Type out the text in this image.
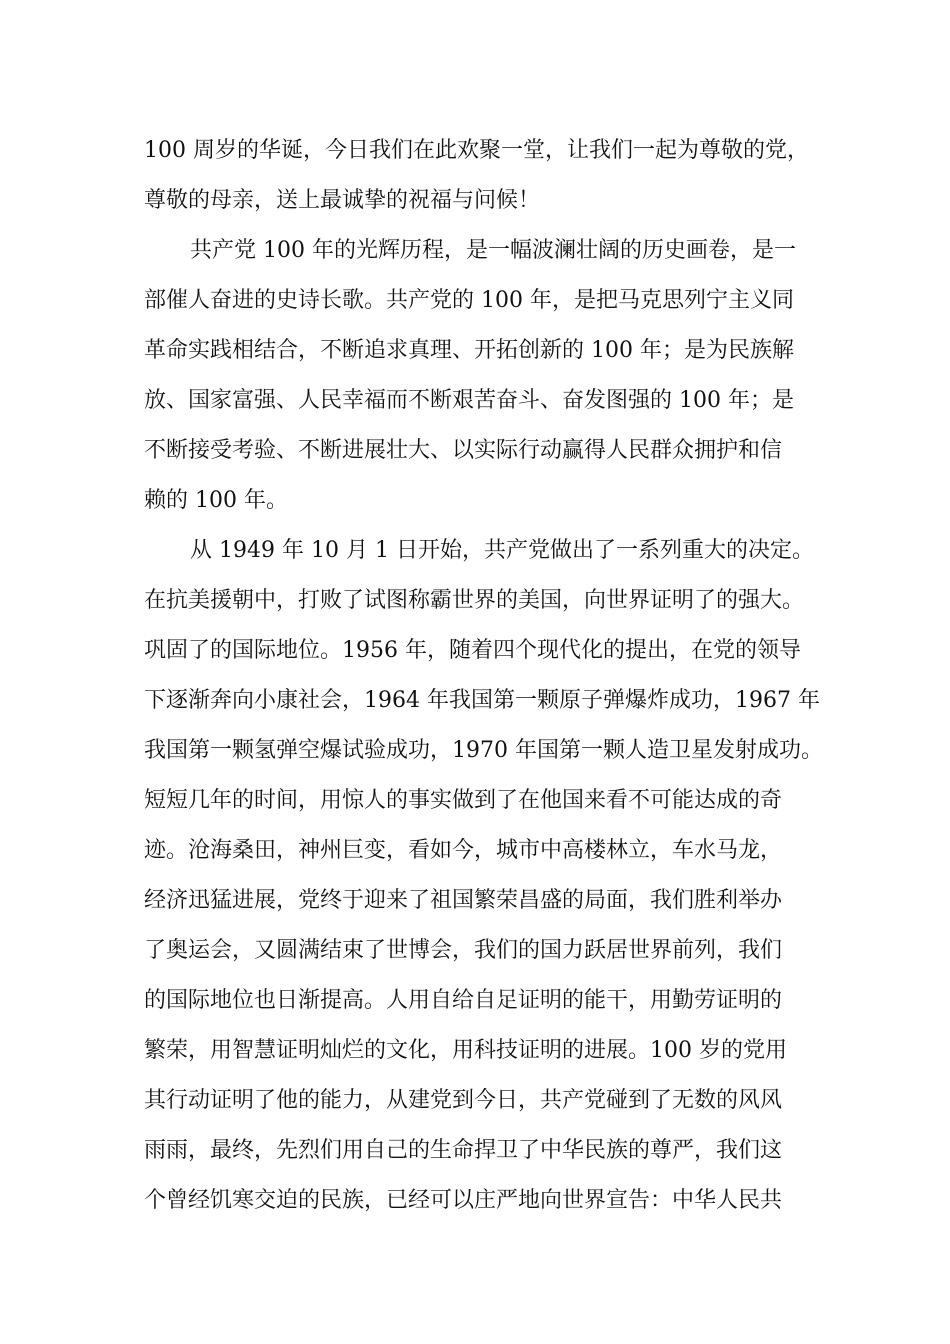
100 周岁的华诞，今日我们在此欢聚一堂，让我们一起为尊敬的党，
尊敬的母亲，送上最诚挚的祝福与问候！
共产党 100 年的光辉历程，是一幅波澜壮阔的历史画卷，是一
部催人奋进的史诗长歌。共产党的 100 年，是把马克思列宁主义同
革命实践相结合，不断追求真理、开拓创新的 100 年；是为民族解
放、国家富强、人民幸福而不断艰苦奋斗、奋发图强的 100 年；是
不断接受考验、不断进展壮大、以实际行动赢得人民群众拥护和信
赖的 100 年。
从 1949 年 10 月 1 日开始，共产党做出了一系列重大的决定。
在抗美援朝中，打败了试图称霸世界的美国，向世界证明了的强大。
巩固了的国际地位。1956 年，随着四个现代化的提出，在党的领导
下逐渐奔向小康社会，1964 年我国第一颗原子弹爆炸成功，1967 年
我国第一颗氢弹空爆试验成功，1970 年国第一颗人造卫星发射成功。
短短几年的时间，用惊人的事实做到了在他国来看不可能达成的奇
迹。沧海桑田，神州巨变，看如今，城市中高楼林立，车水马龙，
经济迅猛进展，党终于迎来了祖国繁荣昌盛的局面，我们胜利举办
了奥运会，又圆满结束了世博会，我们的国力跃居世界前列，我们
的国际地位也日渐提高。人用自给自足证明的能干，用勤劳证明的
繁荣，用智慧证明灿烂的文化，用科技证明的进展。100 岁的党用
其行动证明了他的能力，从建党到今日，共产党碰到了无数的风风
雨雨，最终，先烈们用自己的生命捍卫了中华民族的尊严，我们这
个曾经饥寒交迫的民族，已经可以庄严地向世界宣告：中华人民共
